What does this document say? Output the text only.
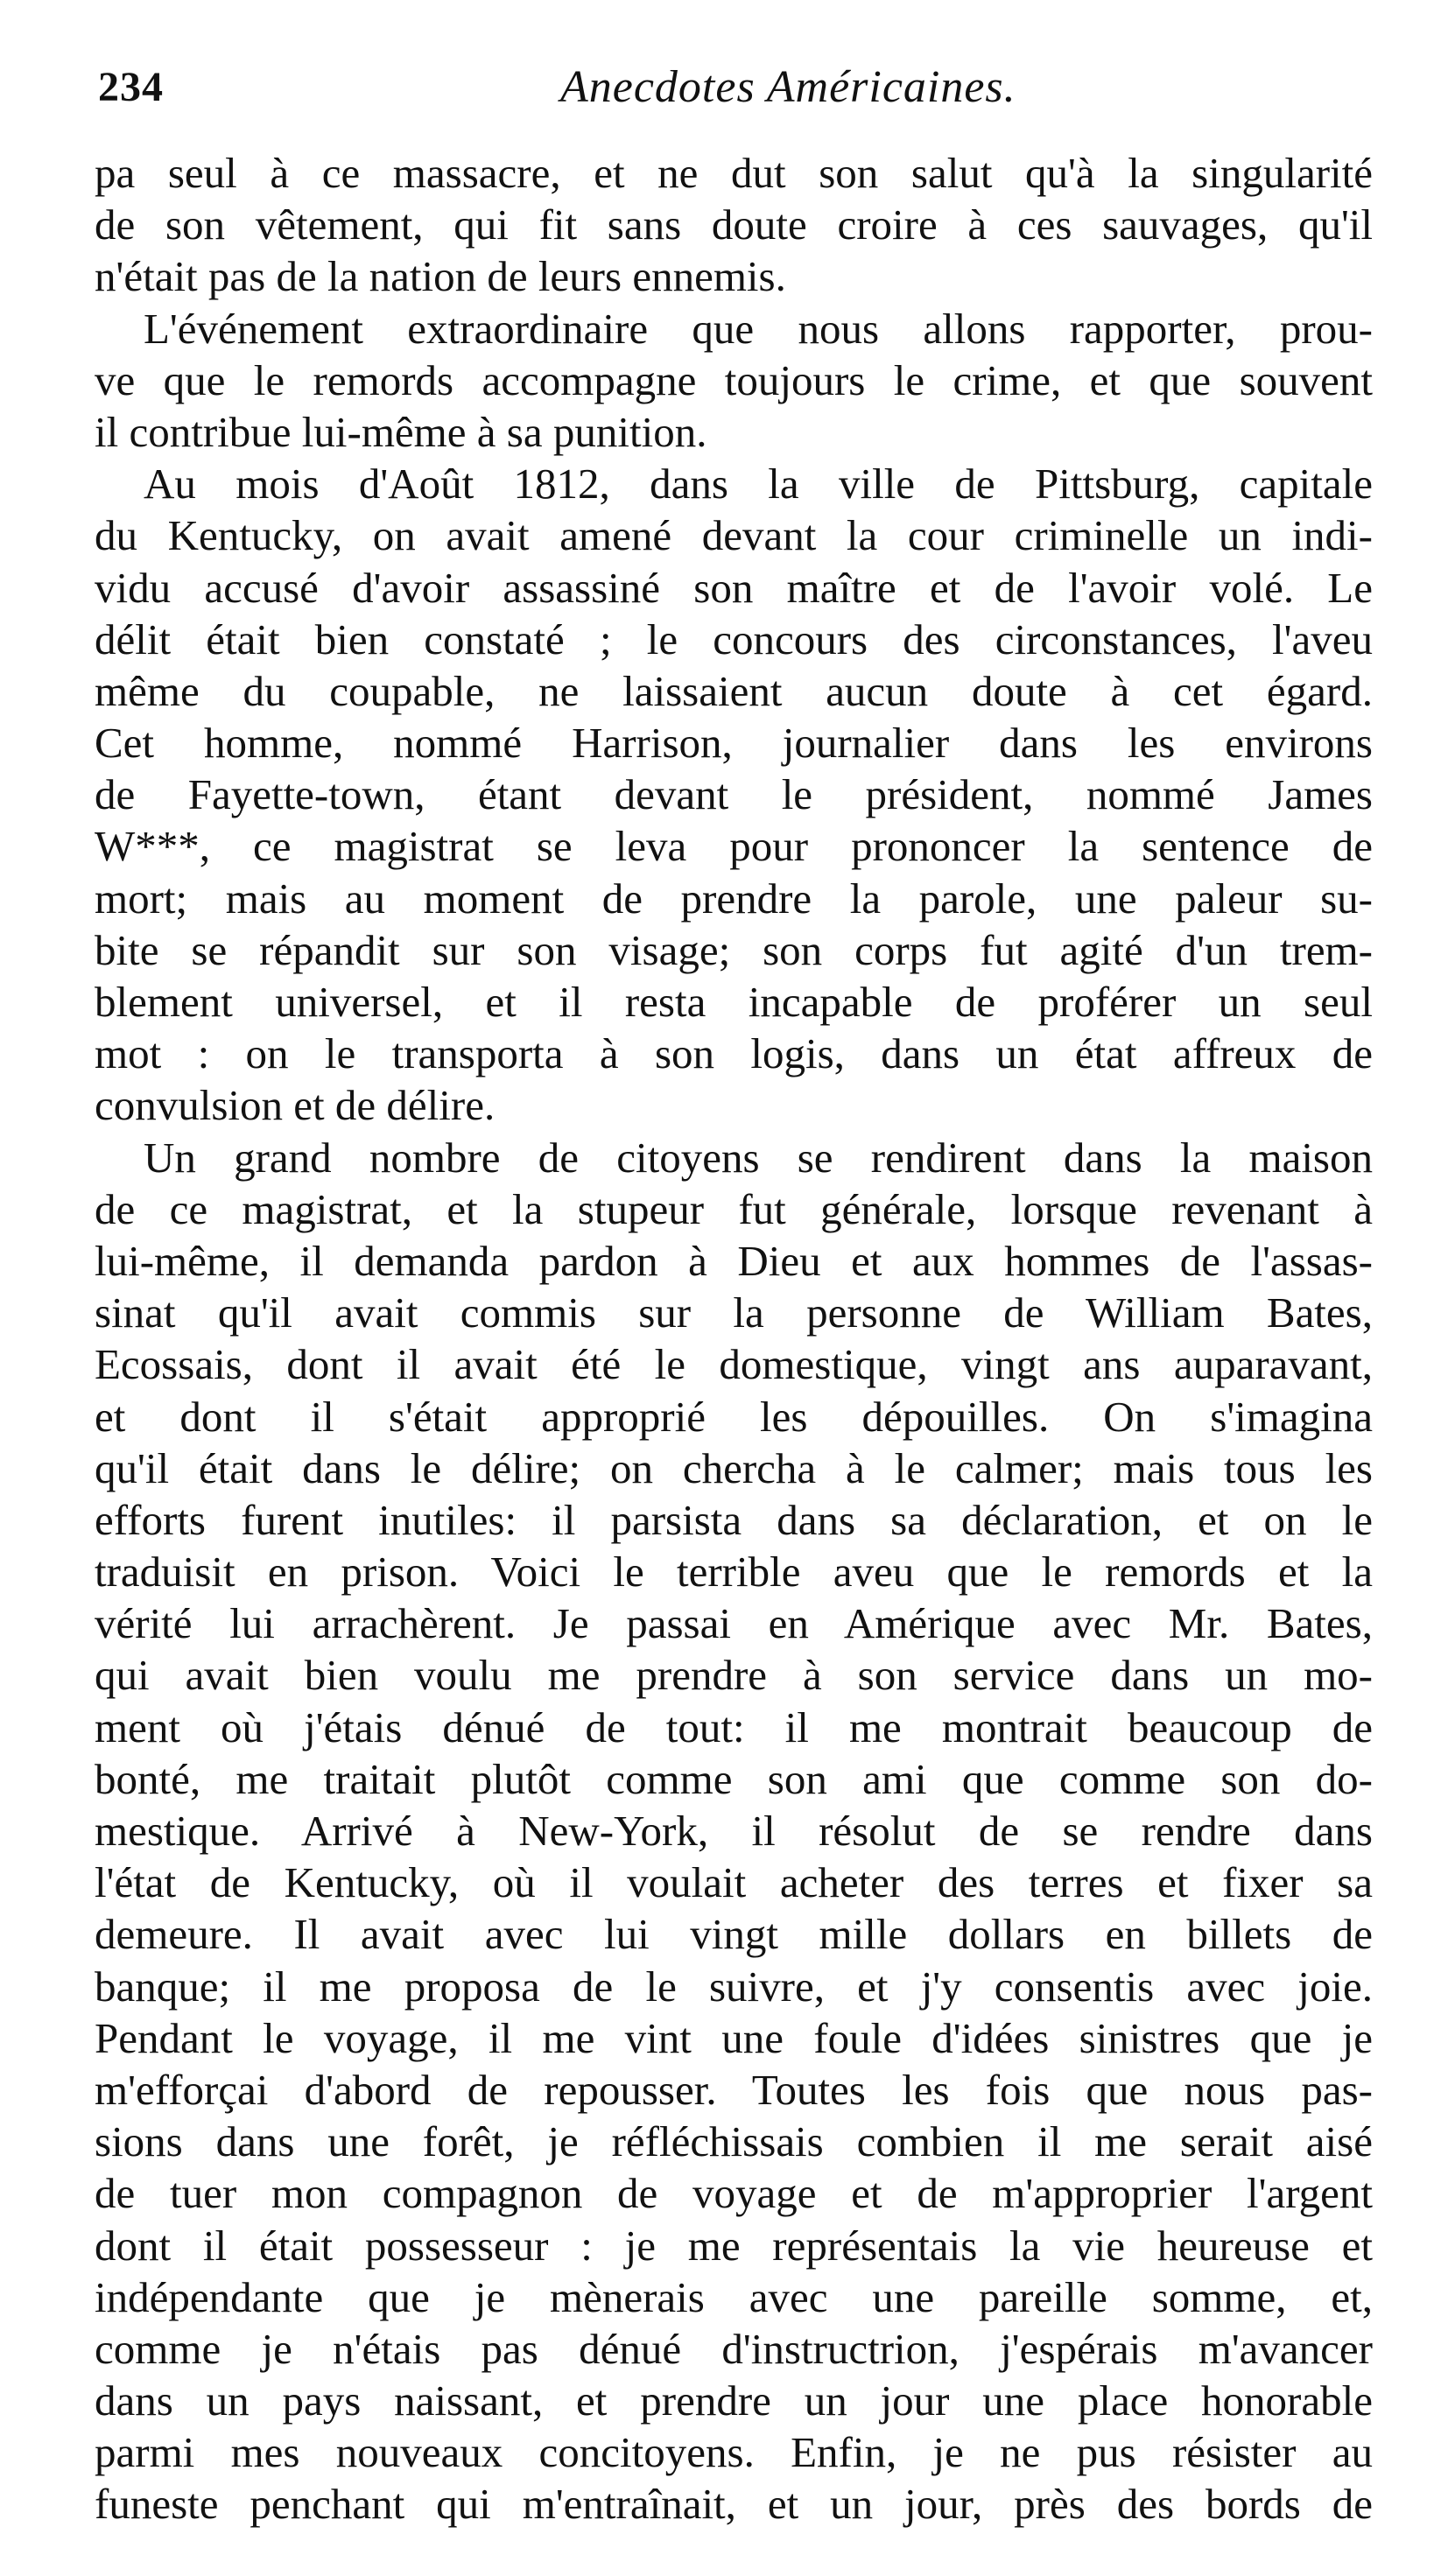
234	Anecdotes Américaines.
pa seul à ce massacre, et ne dut son salut qu'à la singularité
de son vêtement, qui fit sans doute croire à ces sauvages, qu'il
n'était pas de la nation de leurs ennemis.
L'événement extraordinaire que nous allons rapporter, prou-
ve que le remords accompagne toujours le crime, et que souvent
il contribue lui-même à sa punition.
Au mois d'Août 1812, dans la ville de Pittsburg, capitale
du Kentucky, on avait amené devant la cour criminelle un indi-
vidu accusé d'avoir assassiné son maître et de l'avoir volé. Le
délit était bien constaté ; le concours des circonstances, l'aveu
même du coupable, ne laissaient aucun doute à cet égard.
Cet homme, nommé Harrison, journalier dans les environs
de Fayette-town, étant devant le président, nommé James
W***, ce magistrat se leva pour prononcer la sentence de
mort; mais au moment de prendre la parole, une paleur su-
bite se répandit sur son visage; son corps fut agité d'un trem-
blement universel, et il resta incapable de proférer un seul
mot : on le transporta à son logis, dans un état affreux de
convulsion et de délire.
Un grand nombre de citoyens se rendirent dans la maison
de ce magistrat, et la stupeur fut générale, lorsque revenant à
lui-même, il demanda pardon à Dieu et aux hommes de l'assas-
sinat qu'il avait commis sur la personne de William Bates,
Ecossais, dont il avait été le domestique, vingt ans auparavant,
et dont il s'était approprié les dépouilles. On s'imagina
qu'il était dans le délire; on chercha à le calmer; mais tous les
efforts furent inutiles: il parsista dans sa déclaration, et on le
traduisit en prison. Voici le terrible aveu que le remords et la
vérité lui arrachèrent. Je passai en Amérique avec Mr. Bates,
qui avait bien voulu me prendre à son service dans un mo-
ment où j'étais dénué de tout: il me montrait beaucoup de
bonté, me traitait plutôt comme son ami que comme son do-
mestique. Arrivé à New-York, il résolut de se rendre dans
l'état de Kentucky, où il voulait acheter des terres et fixer sa
demeure. Il avait avec lui vingt mille dollars en billets de
banque; il me proposa de le suivre, et j'y consentis avec joie.
Pendant le voyage, il me vint une foule d'idées sinistres que je
m'efforçai d'abord de repousser. Toutes les fois que nous pas-
sions dans une forêt, je réfléchissais combien il me serait aisé
de tuer mon compagnon de voyage et de m'approprier l'argent
dont il était possesseur : je me représentais la vie heureuse et
indépendante que je mènerais avec une pareille somme, et,
comme je n'étais pas dénué d'instructrion, j'espérais m'avancer
dans un pays naissant, et prendre un jour une place honorable
parmi mes nouveaux concitoyens. Enfin, je ne pus résister au
funeste penchant qui m'entraînait, et un jour, près des bords de
